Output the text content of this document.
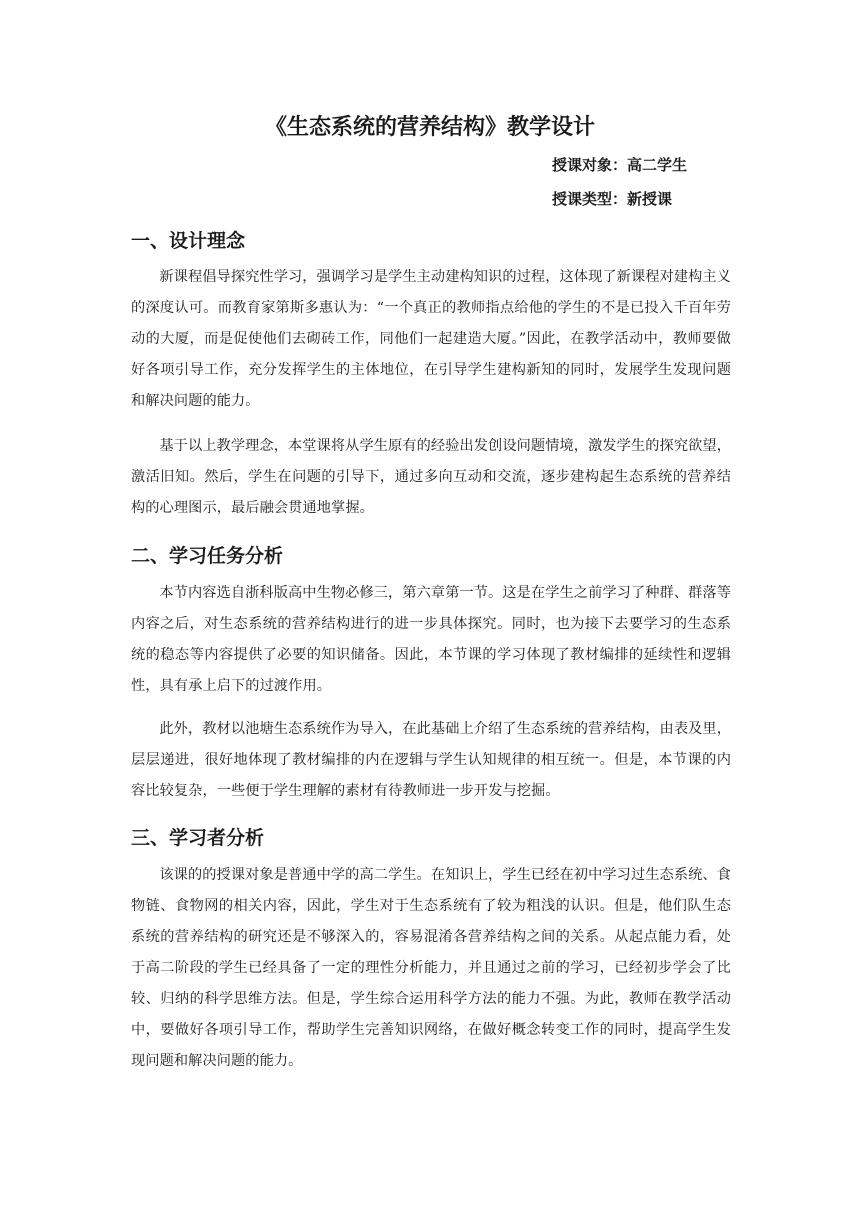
《生态系统的营养结构》教学设计
授课对象：高二学生
授课类型：新授课
一、设计理念

新课程倡导探究性学习，强调学习是学生主动建构知识的过程，这体现了新课程对建构主义的深度认可。而教育家第斯多惠认为：“一个真正的教师指点给他的学生的不是已投入千百年劳动的大厦，而是促使他们去砌砖工作，同他们一起建造大厦。”因此，在教学活动中，教师要做好各项引导工作，充分发挥学生的主体地位，在引导学生建构新知的同时，发展学生发现问题和解决问题的能力。

基于以上教学理念，本堂课将从学生原有的经验出发创设问题情境，激发学生的探究欲望，激活旧知。然后，学生在问题的引导下，通过多向互动和交流，逐步建构起生态系统的营养结构的心理图示，最后融会贯通地掌握。

二、学习任务分析

本节内容选自浙科版高中生物必修三，第六章第一节。这是在学生之前学习了种群、群落等内容之后，对生态系统的营养结构进行的进一步具体探究。同时，也为接下去要学习的生态系统的稳态等内容提供了必要的知识储备。因此，本节课的学习体现了教材编排的延续性和逻辑性，具有承上启下的过渡作用。

此外，教材以池塘生态系统作为导入，在此基础上介绍了生态系统的营养结构，由表及里，层层递进，很好地体现了教材编排的内在逻辑与学生认知规律的相互统一。但是，本节课的内容比较复杂，一些便于学生理解的素材有待教师进一步开发与挖掘。

三、学习者分析

该课的的授课对象是普通中学的高二学生。在知识上，学生已经在初中学习过生态系统、食物链、食物网的相关内容，因此，学生对于生态系统有了较为粗浅的认识。但是，他们队生态系统的营养结构的研究还是不够深入的，容易混淆各营养结构之间的关系。从起点能力看，处于高二阶段的学生已经具备了一定的理性分析能力，并且通过之前的学习，已经初步学会了比较、归纳的科学思维方法。但是，学生综合运用科学方法的能力不强。为此，教师在教学活动中，要做好各项引导工作，帮助学生完善知识网络，在做好概念转变工作的同时，提高学生发现问题和解决问题的能力。
